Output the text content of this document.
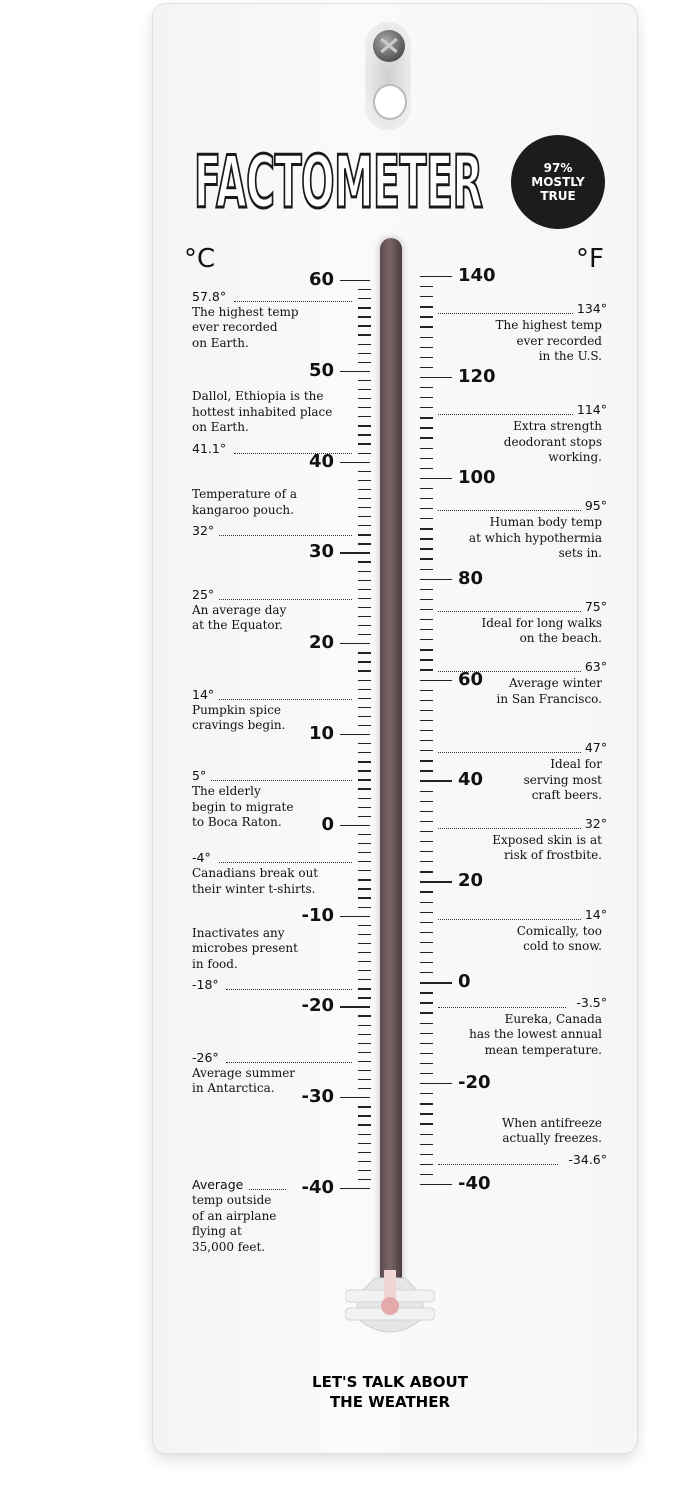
FACTOMETER	97%
MOSTLY
TRUE
°C	°F
60
50
40
30
20
10
0
-10
-20
-30
-40
140
120
100
80
60
40
20
0
-20
-40
57.8°
The highest temp
ever recorded
on Earth.
41.1°
Dallol, Ethiopia is the
hottest inhabited place
on Earth.
32°
Temperature of a
kangaroo pouch.
25°
An average day
at the Equator.
14°
Pumpkin spice
cravings begin.
5°
The elderly
begin to migrate
to Boca Raton.
-4°
Canadians break out
their winter t-shirts.
-18°
Inactivates any
microbes present
in food.
-26°
Average summer
in Antarctica.
Average
temp outside
of an airplane
flying at
35,000 feet.
134°
The highest temp
ever recorded
in the U.S.
114°
Extra strength
deodorant stops
working.
95°
Human body temp
at which hypothermia
sets in.
75°
Ideal for long walks
on the beach.
63°
Average winter
in San Francisco.
47°
Ideal for
serving most
craft beers.
32°
Exposed skin is at
risk of frostbite.
14°
Comically, too
cold to snow.
-3.5°
Eureka, Canada
has the lowest annual
mean temperature.
-34.6°
When antifreeze
actually freezes.
LET'S TALK ABOUT
THE WEATHER
